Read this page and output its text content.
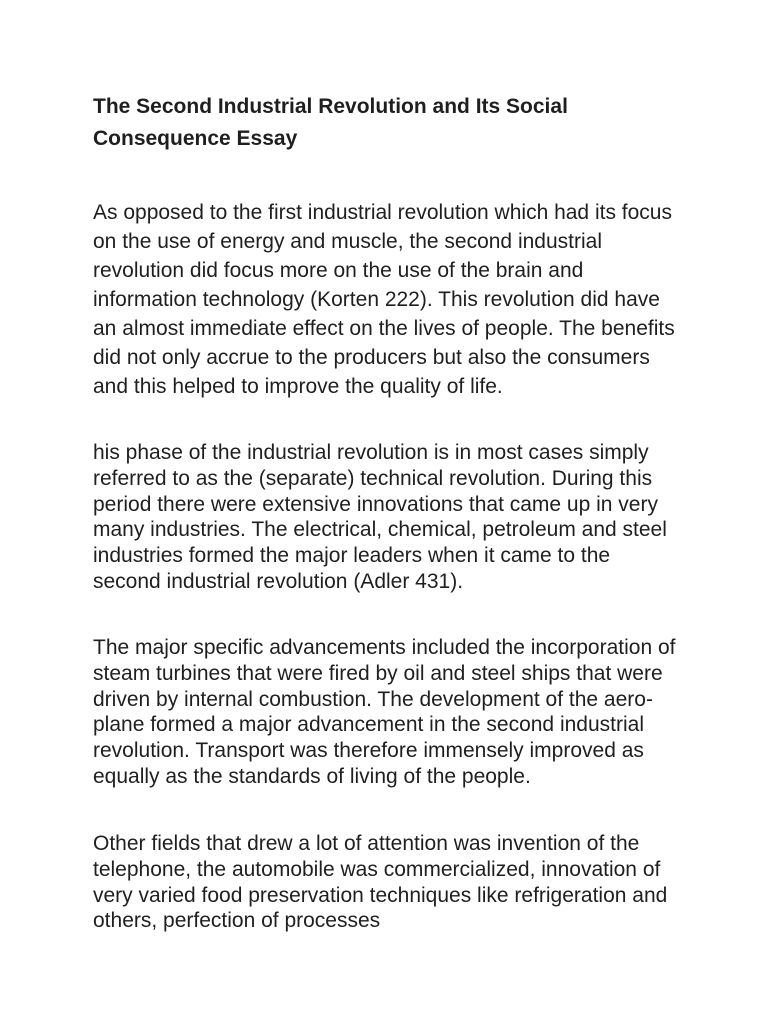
The Second Industrial Revolution and Its Social Consequence Essay

As opposed to the first industrial revolution which had its focus on the use of energy and muscle, the second industrial revolution did focus more on the use of the brain and information technology (Korten 222). This revolution did have an almost immediate effect on the lives of people. The benefits did not only accrue to the producers but also the consumers and this helped to improve the quality of life.

his phase of the industrial revolution is in most cases simply referred to as the (separate) technical revolution. During this period there were extensive innovations that came up in very many industries. The electrical, chemical, petroleum and steel industries formed the major leaders when it came to the second industrial revolution (Adler 431).

The major specific advancements included the incorporation of steam turbines that were fired by oil and steel ships that were driven by internal combustion. The development of the aero-plane formed a major advancement in the second industrial revolution. Transport was therefore immensely improved as equally as the standards of living of the people.

Other fields that drew a lot of attention was invention of the telephone, the automobile was commercialized, innovation of very varied food preservation techniques like refrigeration and others, perfection of processes
